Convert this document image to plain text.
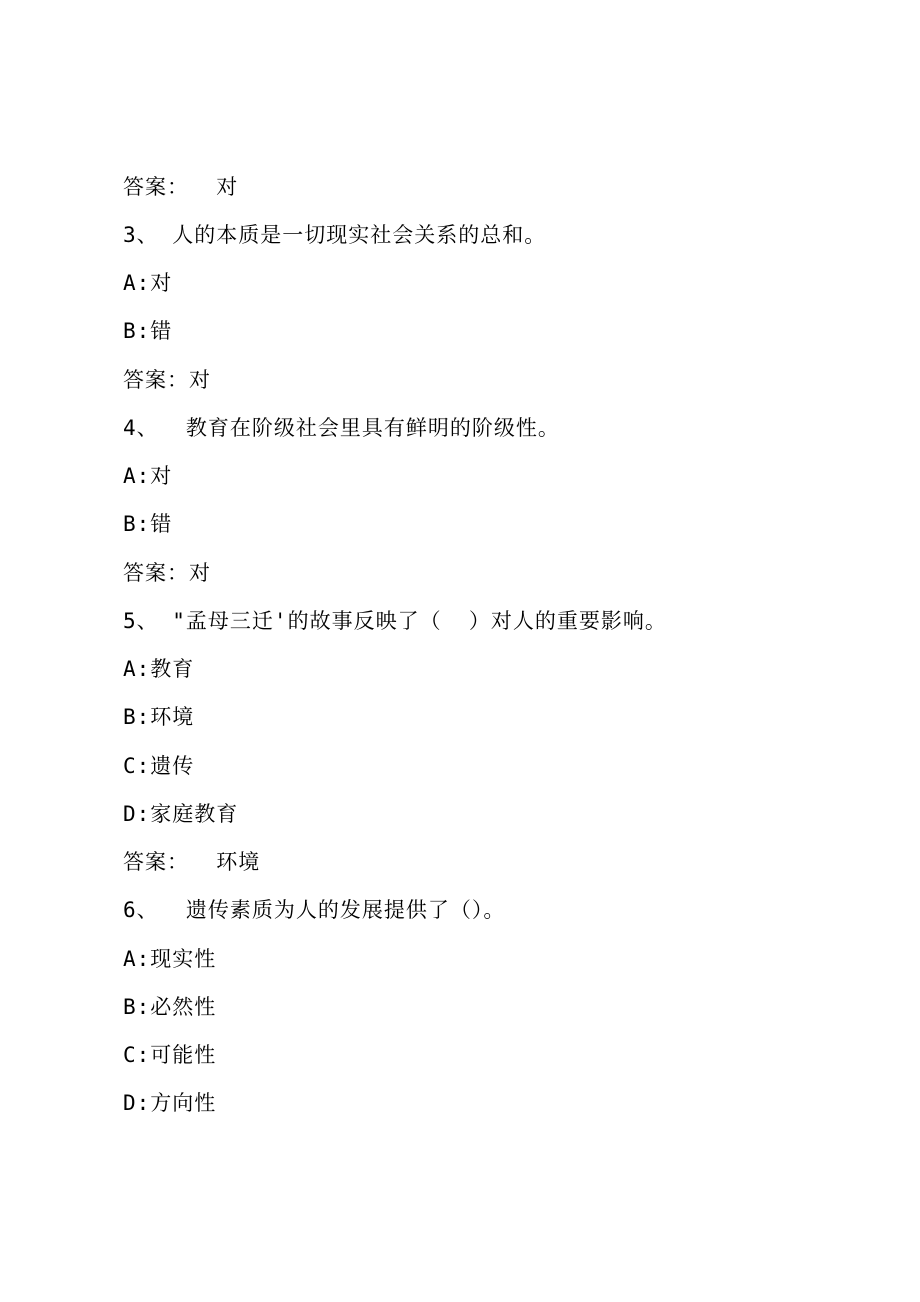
答案：  对
3、 人的本质是一切现实社会关系的总和。
A:对
B:错
答案：对
4、  教育在阶级社会里具有鲜明的阶级性。
A:对
B:错
答案：对
5、 "孟母三迁'的故事反映了（  ）对人的重要影响。
A:教育
B:环境
C:遗传
D:家庭教育
答案：  环境
6、  遗传素质为人的发展提供了（）。
A:现实性
B:必然性
C:可能性
D:方向性
